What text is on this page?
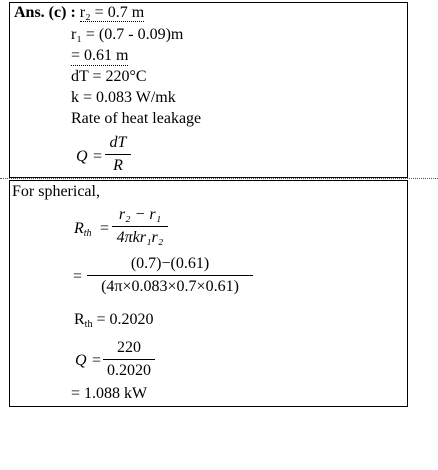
Ans. (c) : r₂ = 0.7 m
r₁ = (0.7 - 0.09)m
= 0.61 m
dT = 220°C
k = 0.083 W/mk
Rate of heat leakage
Q =
dT
R
For spherical,
$R_{th}$ =
r₂ − r₁
4πkr₁r₂
=
(0.7)−(0.61)
(4π×0.083×0.7×0.61)
$R_{th} = 0.2020$
Q =
220
0.2020
= 1.088 kW
